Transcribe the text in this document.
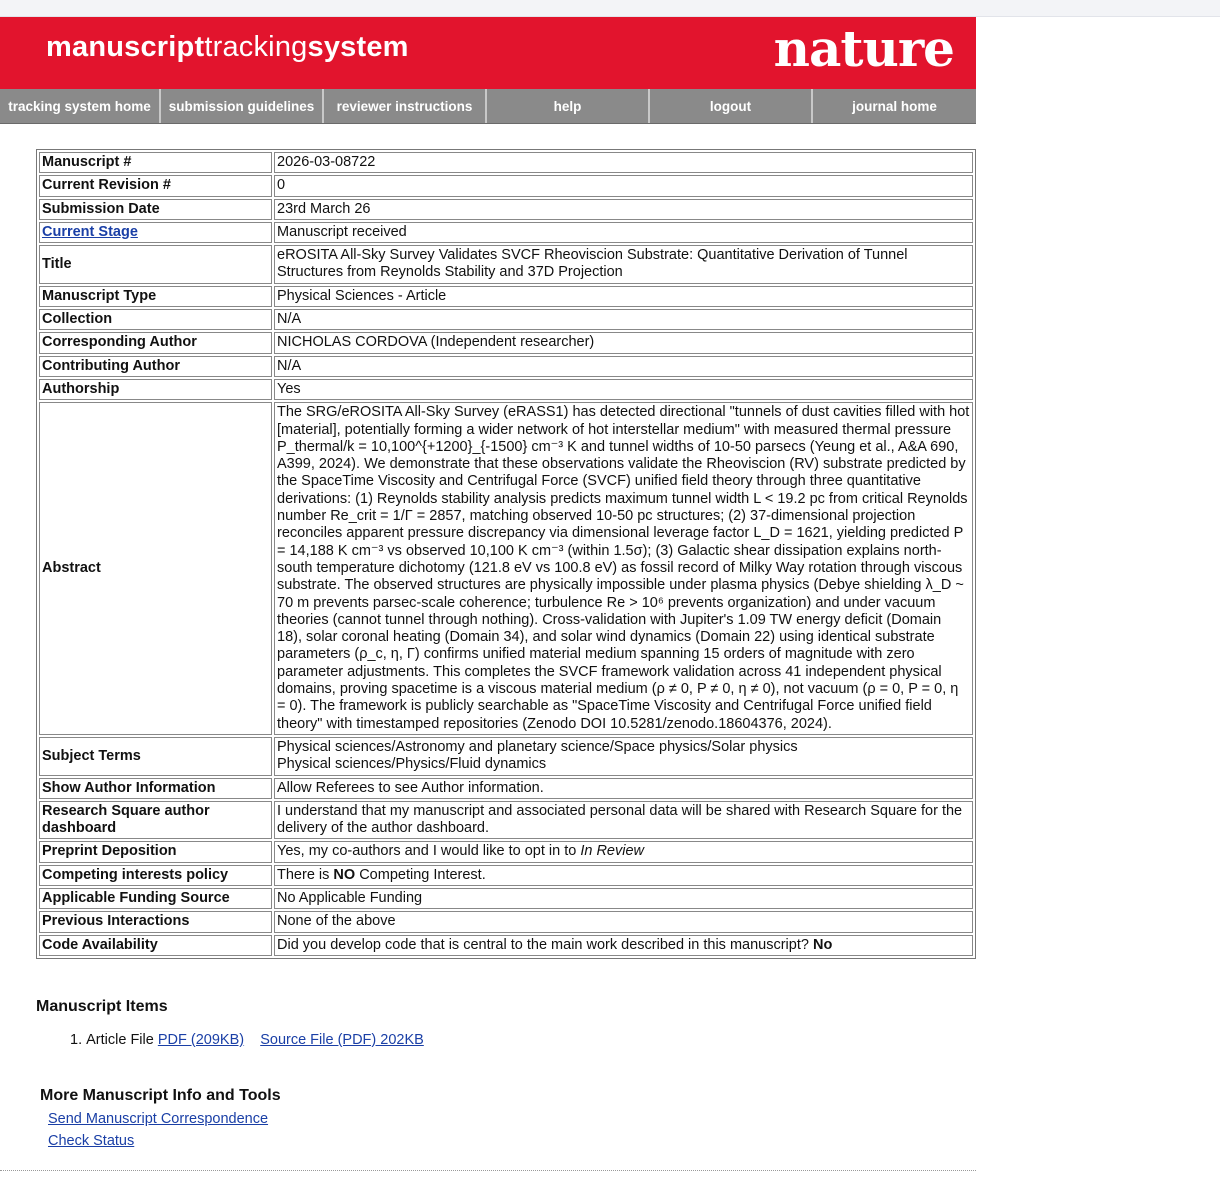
manuscripttrackingsystem	nature
tracking system home	submission guidelines	reviewer instructions	help	logout	journal home
Manuscript #	2026-03-08722
Current Revision #	0
Submission Date	23rd March 26
Current Stage	Manuscript received
Title	eROSITA All-Sky Survey Validates SVCF Rheoviscion Substrate: Quantitative Derivation of Tunnel Structures from Reynolds Stability and 37D Projection
Manuscript Type	Physical Sciences - Article
Collection	N/A
Corresponding Author	NICHOLAS CORDOVA (Independent researcher)
Contributing Author	N/A
Authorship	Yes
Abstract	The SRG/eROSITA All-Sky Survey (eRASS1) has detected directional "tunnels of dust cavities filled with hot [material], potentially forming a wider network of hot interstellar medium" with measured thermal pressure P_thermal/k = 10,100^{+1200}_{-1500} cm⁻³ K and tunnel widths of 10-50 parsecs (Yeung et al., A&A 690, A399, 2024). We demonstrate that these observations validate the Rheoviscion (RV) substrate predicted by the SpaceTime Viscosity and Centrifugal Force (SVCF) unified field theory through three quantitative derivations: (1) Reynolds stability analysis predicts maximum tunnel width L < 19.2 pc from critical Reynolds number Re_crit = 1/Γ = 2857, matching observed 10-50 pc structures; (2) 37-dimensional projection reconciles apparent pressure discrepancy via dimensional leverage factor L_D = 1621, yielding predicted P = 14,188 K cm⁻³ vs observed 10,100 K cm⁻³ (within 1.5σ); (3) Galactic shear dissipation explains north-south temperature dichotomy (121.8 eV vs 100.8 eV) as fossil record of Milky Way rotation through viscous substrate. The observed structures are physically impossible under plasma physics (Debye shielding λ_D ~ 70 m prevents parsec-scale coherence; turbulence Re > 10⁶ prevents organization) and under vacuum theories (cannot tunnel through nothing). Cross-validation with Jupiter's 1.09 TW energy deficit (Domain 18), solar coronal heating (Domain 34), and solar wind dynamics (Domain 22) using identical substrate parameters (ρ_c, η, Γ) confirms unified material medium spanning 15 orders of magnitude with zero parameter adjustments. This completes the SVCF framework validation across 41 independent physical domains, proving spacetime is a viscous material medium (ρ ≠ 0, P ≠ 0, η ≠ 0), not vacuum (ρ = 0, P = 0, η = 0). The framework is publicly searchable as "SpaceTime Viscosity and Centrifugal Force unified field theory" with timestamped repositories (Zenodo DOI 10.5281/zenodo.18604376, 2024).
Subject Terms	Physical sciences/Astronomy and planetary science/Space physics/Solar physics
Physical sciences/Physics/Fluid dynamics

Show Author Information	Allow Referees to see Author information.
Research Square author dashboard	I understand that my manuscript and associated personal data will be shared with Research Square for the delivery of the author dashboard.
Preprint Deposition	Yes, my co-authors and I would like to opt in to In Review
Competing interests policy	There is NO Competing Interest.
Applicable Funding Source	No Applicable Funding
Previous Interactions	None of the above
Code Availability	Did you develop code that is central to the main work described in this manuscript? No
Manuscript Items
1. Article File PDF (209KB) Source File (PDF) 202KB
More Manuscript Info and Tools
Send Manuscript Correspondence
Check Status
